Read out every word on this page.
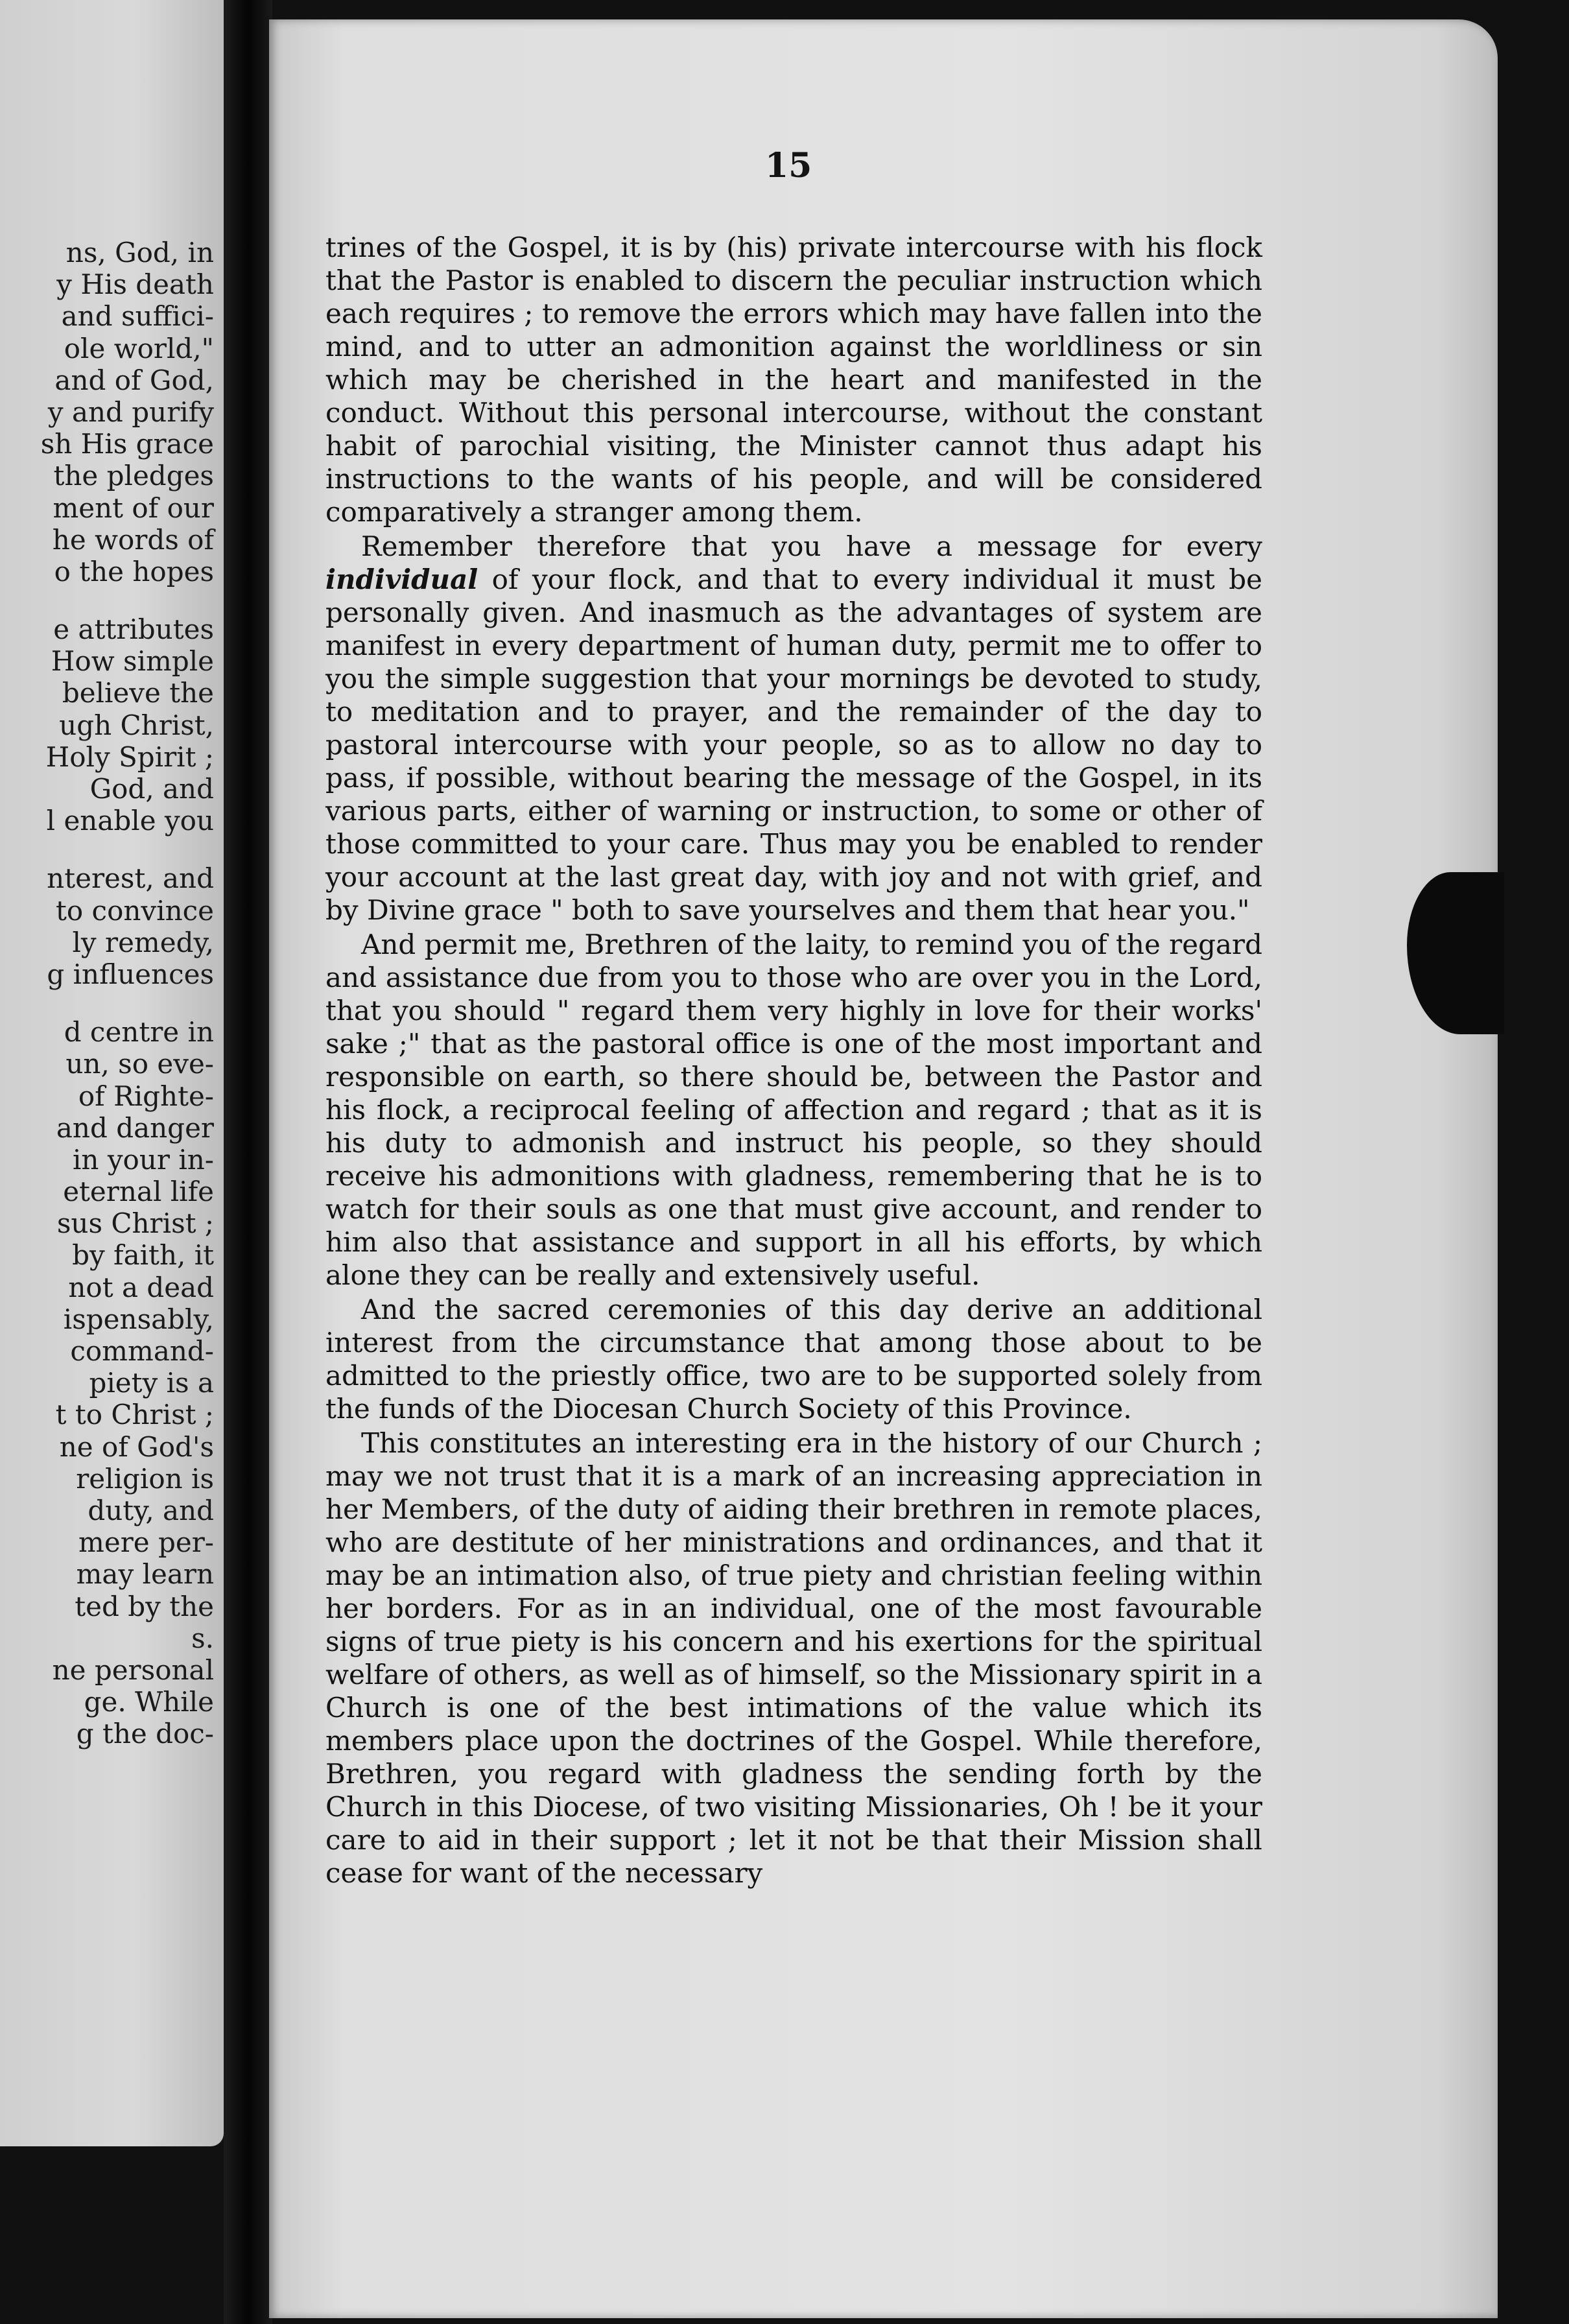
ns, God, in
y His death
and suffici-
ole world,"
and of God,
y and purify
sh His grace
the pledges
ment of our
he words of
o the hopes
e attributes
How simple
believe the
ugh Christ,
Holy Spirit ;
God, and
l enable you
nterest, and
to convince
ly remedy,
g influences
d centre in
un, so eve-
of Righte-
and danger
in your in-
eternal life
sus Christ ;
by faith, it
not a dead
ispensably,
command-
piety is a
t to Christ ;
ne of God's
religion is
duty, and
mere per-
may learn
ted by the
s.
ne personal
ge. While
g the doc-
15

trines of the Gospel, it is by (his) private intercourse with his flock that the Pastor is enabled to discern the peculiar instruction which each requires ; to remove the errors which may have fallen into the mind, and to utter an admonition against the worldliness or sin which may be cherished in the heart and manifested in the conduct. Without this personal intercourse, without the constant habit of parochial visiting, the Minister cannot thus adapt his instructions to the wants of his people, and will be considered comparatively a stranger among them.

Remember therefore that you have a message for every individual of your flock, and that to every individual it must be personally given. And inasmuch as the advantages of system are manifest in every department of human duty, permit me to offer to you the simple suggestion that your mornings be devoted to study, to meditation and to prayer, and the remainder of the day to pastoral intercourse with your people, so as to allow no day to pass, if possible, without bearing the message of the Gospel, in its various parts, either of warning or instruction, to some or other of those committed to your care. Thus may you be enabled to render your account at the last great day, with joy and not with grief, and by Divine grace " both to save yourselves and them that hear you."

And permit me, Brethren of the laity, to remind you of the regard and assistance due from you to those who are over you in the Lord, that you should " regard them very highly in love for their works' sake ;" that as the pastoral office is one of the most important and responsible on earth, so there should be, between the Pastor and his flock, a reciprocal feeling of affection and regard ; that as it is his duty to admonish and instruct his people, so they should receive his admonitions with gladness, remembering that he is to watch for their souls as one that must give account, and render to him also that assistance and support in all his efforts, by which alone they can be really and extensively useful.

And the sacred ceremonies of this day derive an additional interest from the circumstance that among those about to be admitted to the priestly office, two are to be supported solely from the funds of the Diocesan Church Society of this Province.

This constitutes an interesting era in the history of our Church ; may we not trust that it is a mark of an increasing appreciation in her Members, of the duty of aiding their brethren in remote places, who are destitute of her ministrations and ordinances, and that it may be an intimation also, of true piety and christian feeling within her borders. For as in an individual, one of the most favourable signs of true piety is his concern and his exertions for the spiritual welfare of others, as well as of himself, so the Missionary spirit in a Church is one of the best intimations of the value which its members place upon the doctrines of the Gospel. While therefore, Brethren, you regard with gladness the sending forth by the Church in this Diocese, of two visiting Missionaries, Oh ! be it your care to aid in their support ; let it not be that their Mission shall cease for want of the necessary
